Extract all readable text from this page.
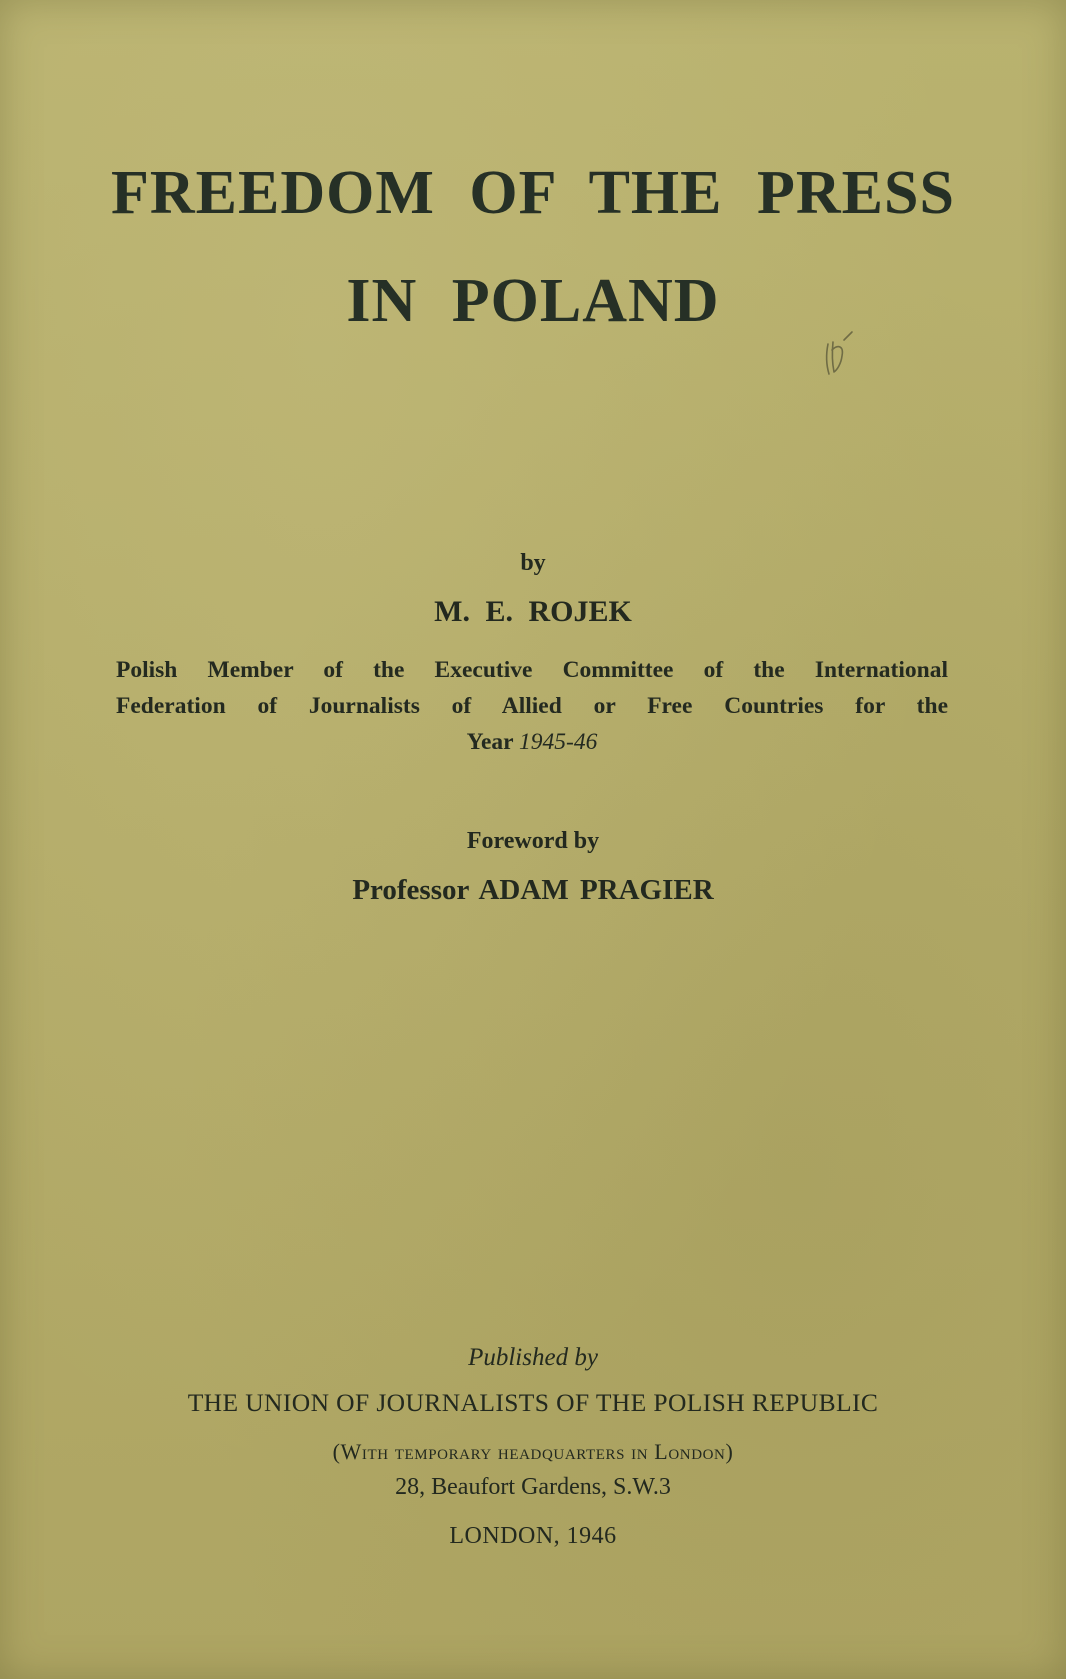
FREEDOM OF THE PRESS
IN POLAND
by
M. E. ROJEK
Polish Member of the Executive Committee of the International
Federation of Journalists of Allied or Free Countries for the
Year 1945-46
Foreword by
Professor ADAM PRAGIER
Published by
THE UNION OF JOURNALISTS OF THE POLISH REPUBLIC
(With temporary headquarters in London)
28, Beaufort Gardens, S.W.3
LONDON, 1946
